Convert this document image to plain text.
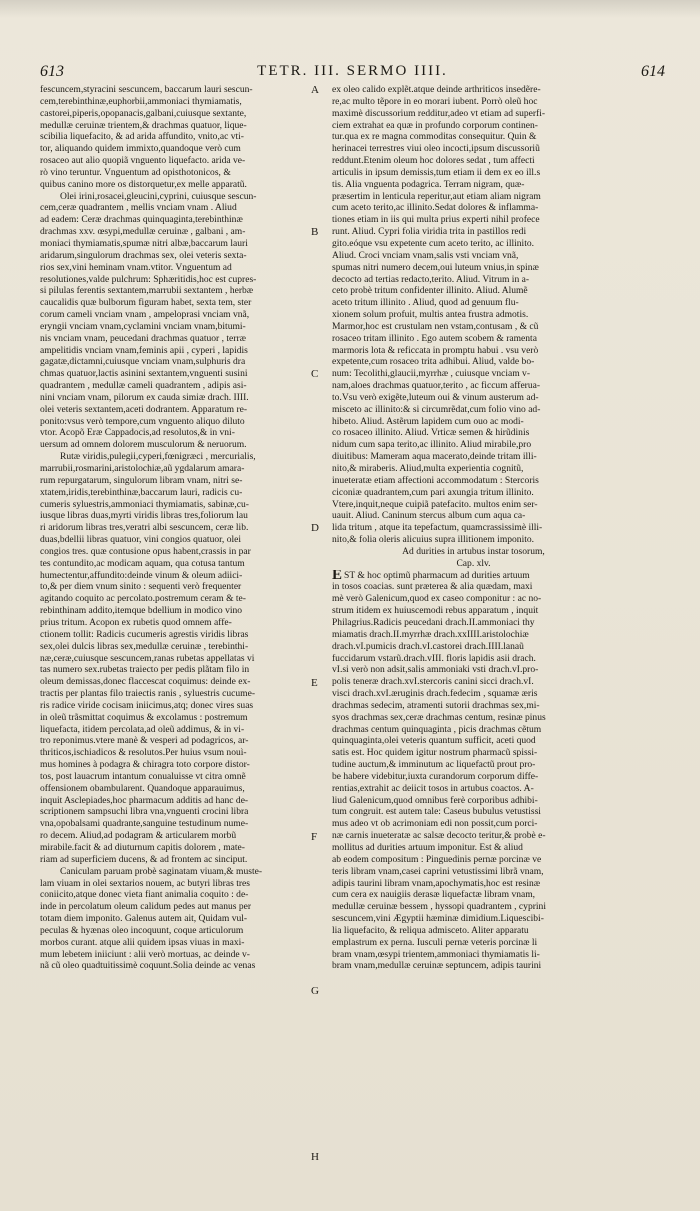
613	TETR. III. SERMO IIII.	614
fescuncem,styracini sescuncem, baccarum lauri sescun-
cem,terebinthinæ,euphorbii,ammoniaci thymiamatis,
castorei,piperis,opopanacis,galbani,cuiusque sextante,
medullæ ceruinæ trientem,& drachmas quatuor, lique-
scibilia liquefacito, & ad arida affundito, vnito,ac vti-
tor, aliquando quidem immixto,quandoque verò cum
rosaceo aut alio quopiã vnguento liquefacto. arida ve-
rò vino teruntur. Vnguentum ad opisthotonicos, &
quibus canino more os distorquetur,ex melle apparatũ.
Olei irini,rosacei,gleucini,cyprini, cuiusque sescun-
cem,ceræ quadrantem , mellis vnciam vnam . Aliud
ad eadem: Ceræ drachmas quinquaginta,terebinthinæ
drachmas xxv. œsypi,medullæ ceruinæ , galbani , am-
moniaci thymiamatis,spumæ nitri albæ,baccarum lauri
aridarum,singulorum drachmas sex, olei veteris sexta-
rios sex,vini heminam vnam.vtitor. Vnguentum ad
resolutiones,valde pulchrum: Sphæritidis,hoc est cupres-
si pilulas ferentis sextantem,marrubii sextantem , herbæ
caucalidis quæ bulborum figuram habet, sexta tem, ster
corum cameli vnciam vnam , ampeloprasi vnciam vnã,
eryngii vnciam vnam,cyclamini vnciam vnam,bitumi-
nis vnciam vnam, peucedani drachmas quatuor , terræ
ampelitidis vnciam vnam,feminis apii , cyperi , lapidis
gagatæ,dictamni,cuiusque vnciam vnam,sulphuris dra
chmas quatuor,lactis asinini sextantem,vnguenti susini
quadrantem , medullæ cameli quadrantem , adipis asi-
nini vnciam vnam, pilorum ex cauda simiæ drach. IIII.
olei veteris sextantem,aceti dodrantem. Apparatum re-
ponito:vsus verò tempore,cum vnguento aliquo diluto
vtor. Acopõ Eræ Cappadocis,ad resolutos,& in vni-
uersum ad omnem dolorem musculorum & neruorum.
Rutæ viridis,pulegii,cyperi,fœnigræci , mercurialis,
marrubii,rosmarini,aristolochiæ,aũ ygdalarum amara-
rum repurgatarum, singulorum libram vnam, nitri se-
xtatem,iridis,terebinthinæ,baccarum lauri, radicis cu-
cumeris syluestris,ammoniaci thymiamatis, sabinæ,cu-
iusque libras duas,myrti viridis libras tres,foliorum lau
ri aridorum libras tres,veratri albi sescuncem, ceræ lib.
duas,bdellii libras quatuor, vini congios quatuor, olei
congios tres. quæ contusione opus habent,crassis in par
tes contundito,ac modicam aquam, qua cotusa tantum
humectentur,affundito:deinde vinum & oleum adiici-
to,& per diem vnum sinito : sequenti verò frequenter
agitando coquito ac percolato.postremum ceram & te-
rebinthinam addito,itemque bdellium in modico vino
prius tritum. Acopon ex rubetis quod omnem affe-
ctionem tollit: Radicis cucumeris agrestis viridis libras
sex,olei dulcis libras sex,medullæ ceruinæ , terebinthi-
næ,ceræ,cuiusque sescuncem,ranas rubetas appellatas vi
tas numero sex.rubetas traiecto per pedis plãtam filo in
oleum demissas,donec flaccescat coquimus: deinde ex-
tractis per plantas filo traiectis ranis , syluestris cucume-
ris radice viride cocisam iniicimus,atq; donec vires suas
in oleũ trãsmittat coquimus & excolamus : postremum
liquefacta, itidem percolata,ad oleũ addimus, & in vi-
tro reponimus.vtere manè & vesperi ad podagricos, ar-
thriticos,ischiadicos & resolutos.Per huius vsum nouì-
mus homines à podagra & chiragra toto corpore distor-
tos, post lauacrum intantum conualuisse vt citra omnẽ
offensionem obambularent. Quandoque apparauimus,
inquit Asclepiades,hoc pharmacum additis ad hanc de-
scriptionem sampsuchi libra vna,vnguenti crocini libra
vna,opobalsami quadrante,sanguine testudinum nume-
ro decem. Aliud,ad podagram & articularem morbũ
mirabile.facit & ad diuturnum capitis dolorem , mate-
riam ad superficiem ducens, & ad frontem ac sinciput.
Caniculam paruam probè saginatam viuam,& muste-
lam viuam in olei sextarios nouem, ac butyri libras tres
coniicito,atque donec vieta fiant animalia coquito : de-
inde in percolatum oleum calidum pedes aut manus per
totam diem imponito. Galenus autem ait, Quidam vul-
peculas & hyænas oleo incoquunt, coque articulorum
morbos curant. atque alii quidem ipsas viuas in maxi-
mum lebetem iniiciunt : alii verò mortuas, ac deinde v-
nã cũ oleo quadtuitissimè coquunt.Solia deinde ac venas
A
B
C
D
E
F
G
H
ex oleo calido explẽt.atque deinde arthriticos insedẽre-
re,ac multo tẽpore in eo morari iubent. Porrò oleũ hoc
maximè discussorium redditur,adeo vt etiam ad superfi-
ciem extrahat ea quæ in profundo corporum continen-
tur.qua ex re magna commoditas consequitur. Quin &
herinacei terrestres viui oleo incocti,ipsum discussoriũ
reddunt.Etenim oleum hoc dolores sedat , tum affecti
articulis in ipsum demissis,tum etiam ii dem ex eo ill.s
tis. Alia vnguenta podagrica. Terram nigram, quæ-
præsertim in lenticula reperitur,aut etiam aliam nigram
cum aceto terito,ac illinito.Sedat dolores & inflamma-
tiones etiam in iis qui multa prius experti nihil profece
runt. Aliud. Cypri folia viridia trita in pastillos redi
gito.eóque vsu expetente cum aceto terito, ac illinito.
Aliud. Croci vnciam vnam,salis vsti vnciam vnã,
spumas nitri numero decem,oui luteum vnius,in spinæ
decocto ad tertias redacto,terito. Aliud. Vitrum in a-
ceto probè tritum confidenter illinito. Aliud. Alumẽ
aceto tritum illinito . Aliud, quod ad genuum flu-
xionem solum profuit, multis antea frustra admotis.
Marmor,hoc est crustulam nen vstam,contusam , & cũ
rosaceo tritam illinito . Ego autem scobem & ramenta
marmoris lota & reficcata in promptu habui . vsu verò
expetente,cum rosaceo trita adhibui. Aliud, valde bo-
num: Tecolithi,glaucii,myrrhæ , cuiusque vnciam v-
nam,aloes drachmas quatuor,terito , ac ficcum afferua-
to.Vsu verò exigẽte,luteum oui & vinum austerum ad-
misceto ac illinito:& si circumrẽdat,cum folio vino ad-
hibeto. Aliud. Astẽrum lapidem cum ouo ac modi-
co rosaceo illinito. Aliud. Vrticæ semen & hirũdinis
nidum cum sapa terito,ac illinito. Aliud mirabile,pro
diuitibus: Mameram aqua macerato,deinde tritam illi-
nito,& miraberis. Aliud,multa experientia cognitũ,
inueteratæ etiam affectioni accommodatum : Stercoris
ciconiæ quadrantem,cum pari axungia tritum illinito.
Vtere,inquit,neque cuipiã patefacito. multos enim ser-
uauit. Aliud. Caninum stercus album cum aqua ca-
lida tritum , atque ita tepefactum, quamcrassissimè illi-
nito,& folia oleris alicuius supra illitionem imponito.
Ad durities in artubus instar tosorum,
Cap. xlv.
EST & hoc optimũ pharmacum ad durities artuum
in tosos coacias. sunt præterea & alia quædam, maxi
mè verò Galenicum,quod ex caseo componitur : ac no-
strum itidem ex huiuscemodi rebus apparatum , inquit
Philagrius.Radicis peucedani drach.II.ammoniaci thy
miamatis drach.II.myrrhæ drach.xxIIII.aristolochiæ
drach.vI.pumicis drach.vI.castorei drach.IIII.lanaũ
fuccidarum vstarũ.drach.vIII. floris lapidis asii drach.
vI.si verò non adsit,salis ammoniaki vsti drach.vI.pro-
polis teneræ drach.xvI.stercoris canini sicci drach.vI.
visci drach.xvI.æruginis drach.fedecim , squamæ æris
drachmas sedecim, atramenti sutorii drachmas sex,mi-
syos drachmas sex,ceræ drachmas centum, resinæ pinus
drachmas centum quinquaginta , picis drachmas cẽtum
quinquaginta,olei veteris quantum sufficit, aceti quod
satis est. Hoc quidem igitur nostrum pharmacũ spissi-
tudine auctum,& imminutum ac liquefactũ prout pro-
be habere videbitur,iuxta curandorum corporum diffe-
rentias,extrahit ac deiicit tosos in artubus coactos. A-
liud Galenicum,quod omnibus ferè corporibus adhibi-
tum congruit. est autem tale: Caseus bubulus vetustissi
mus adeo vt ob acrimoniam edi non possit,cum porci-
næ carnis inueteratæ ac salsæ decocto teritur,& probè e-
mollitus ad durities artuum imponitur. Est & aliud
ab eodem compositum : Pinguedinis pernæ porcinæ ve
teris libram vnam,casei caprini vetustissimi librã vnam,
adipis taurini libram vnam,apochymatis,hoc est resinæ
cum cera ex nauigiis derasæ liquefactæ libram vnam,
medullæ ceruinæ bessem , hyssopi quadrantem , cyprini
sescuncem,vini Ægyptii hæminæ dimidium.Liquescibi-
lia liquefacito, & reliqua admisceto. Aliter apparatu
emplastrum ex perna. Iusculi pernæ veteris porcinæ li
bram vnam,œsypi trientem,ammoniaci thymiamatis li-
bram vnam,medullæ ceruinæ septuncem, adipis taurini
